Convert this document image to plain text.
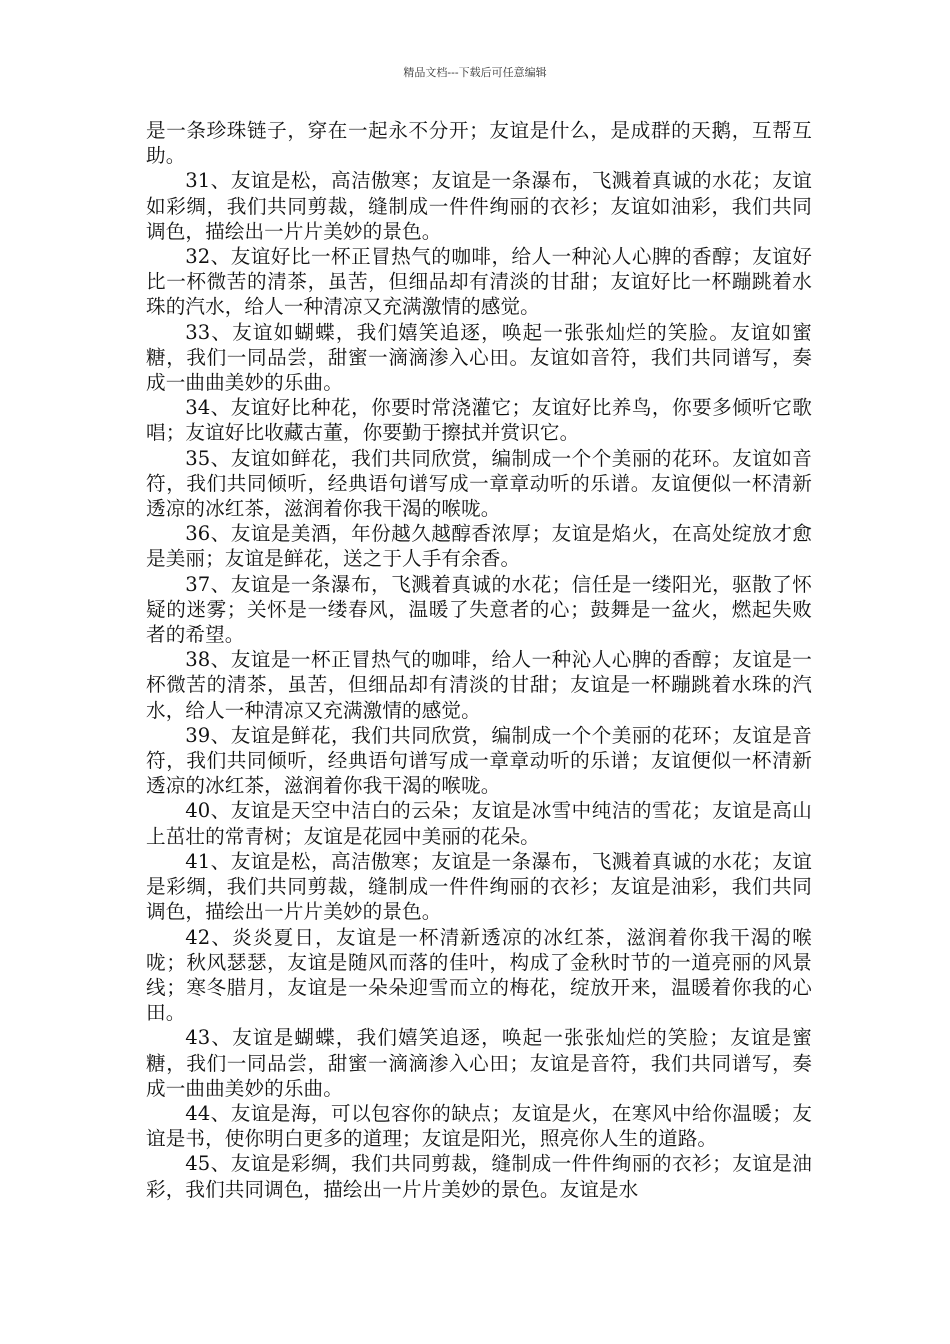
精品文档---下载后可任意编辑

是一条珍珠链子，穿在一起永不分开；友谊是什么，是成群的天鹅，互帮互助。

31、友谊是松，高洁傲寒；友谊是一条瀑布，飞溅着真诚的水花；友谊如彩绸，我们共同剪裁，缝制成一件件绚丽的衣衫；友谊如油彩，我们共同调色，描绘出一片片美妙的景色。

32、友谊好比一杯正冒热气的咖啡，给人一种沁人心脾的香醇；友谊好比一杯微苦的清茶，虽苦，但细品却有清淡的甘甜；友谊好比一杯蹦跳着水珠的汽水，给人一种清凉又充满激情的感觉。

33、友谊如蝴蝶，我们嬉笑追逐，唤起一张张灿烂的笑脸。友谊如蜜糖，我们一同品尝，甜蜜一滴滴渗入心田。友谊如音符，我们共同谱写，奏成一曲曲美妙的乐曲。

34、友谊好比种花，你要时常浇灌它；友谊好比养鸟，你要多倾听它歌唱；友谊好比收藏古董，你要勤于擦拭并赏识它。

35、友谊如鲜花，我们共同欣赏，编制成一个个美丽的花环。友谊如音符，我们共同倾听，经典语句谱写成一章章动听的乐谱。友谊便似一杯清新透凉的冰红茶，滋润着你我干渴的喉咙。

36、友谊是美酒，年份越久越醇香浓厚；友谊是焰火，在高处绽放才愈是美丽；友谊是鲜花，送之于人手有余香。

37、友谊是一条瀑布，飞溅着真诚的水花；信任是一缕阳光，驱散了怀疑的迷雾；关怀是一缕春风，温暖了失意者的心；鼓舞是一盆火，燃起失败者的希望。

38、友谊是一杯正冒热气的咖啡，给人一种沁人心脾的香醇；友谊是一杯微苦的清茶，虽苦，但细品却有清淡的甘甜；友谊是一杯蹦跳着水珠的汽水，给人一种清凉又充满激情的感觉。

39、友谊是鲜花，我们共同欣赏，编制成一个个美丽的花环；友谊是音符，我们共同倾听，经典语句谱写成一章章动听的乐谱；友谊便似一杯清新透凉的冰红茶，滋润着你我干渴的喉咙。

40、友谊是天空中洁白的云朵；友谊是冰雪中纯洁的雪花；友谊是高山上茁壮的常青树；友谊是花园中美丽的花朵。

41、友谊是松，高洁傲寒；友谊是一条瀑布，飞溅着真诚的水花；友谊是彩绸，我们共同剪裁，缝制成一件件绚丽的衣衫；友谊是油彩，我们共同调色，描绘出一片片美妙的景色。

42、炎炎夏日，友谊是一杯清新透凉的冰红茶，滋润着你我干渴的喉咙；秋风瑟瑟，友谊是随风而落的佳叶，构成了金秋时节的一道亮丽的风景线；寒冬腊月，友谊是一朵朵迎雪而立的梅花，绽放开来，温暖着你我的心田。

43、友谊是蝴蝶，我们嬉笑追逐，唤起一张张灿烂的笑脸；友谊是蜜糖，我们一同品尝，甜蜜一滴滴渗入心田；友谊是音符，我们共同谱写，奏成一曲曲美妙的乐曲。

44、友谊是海，可以包容你的缺点；友谊是火，在寒风中给你温暖；友谊是书，使你明白更多的道理；友谊是阳光，照亮你人生的道路。

45、友谊是彩绸，我们共同剪裁，缝制成一件件绚丽的衣衫；友谊是油彩，我们共同调色，描绘出一片片美妙的景色。友谊是水
